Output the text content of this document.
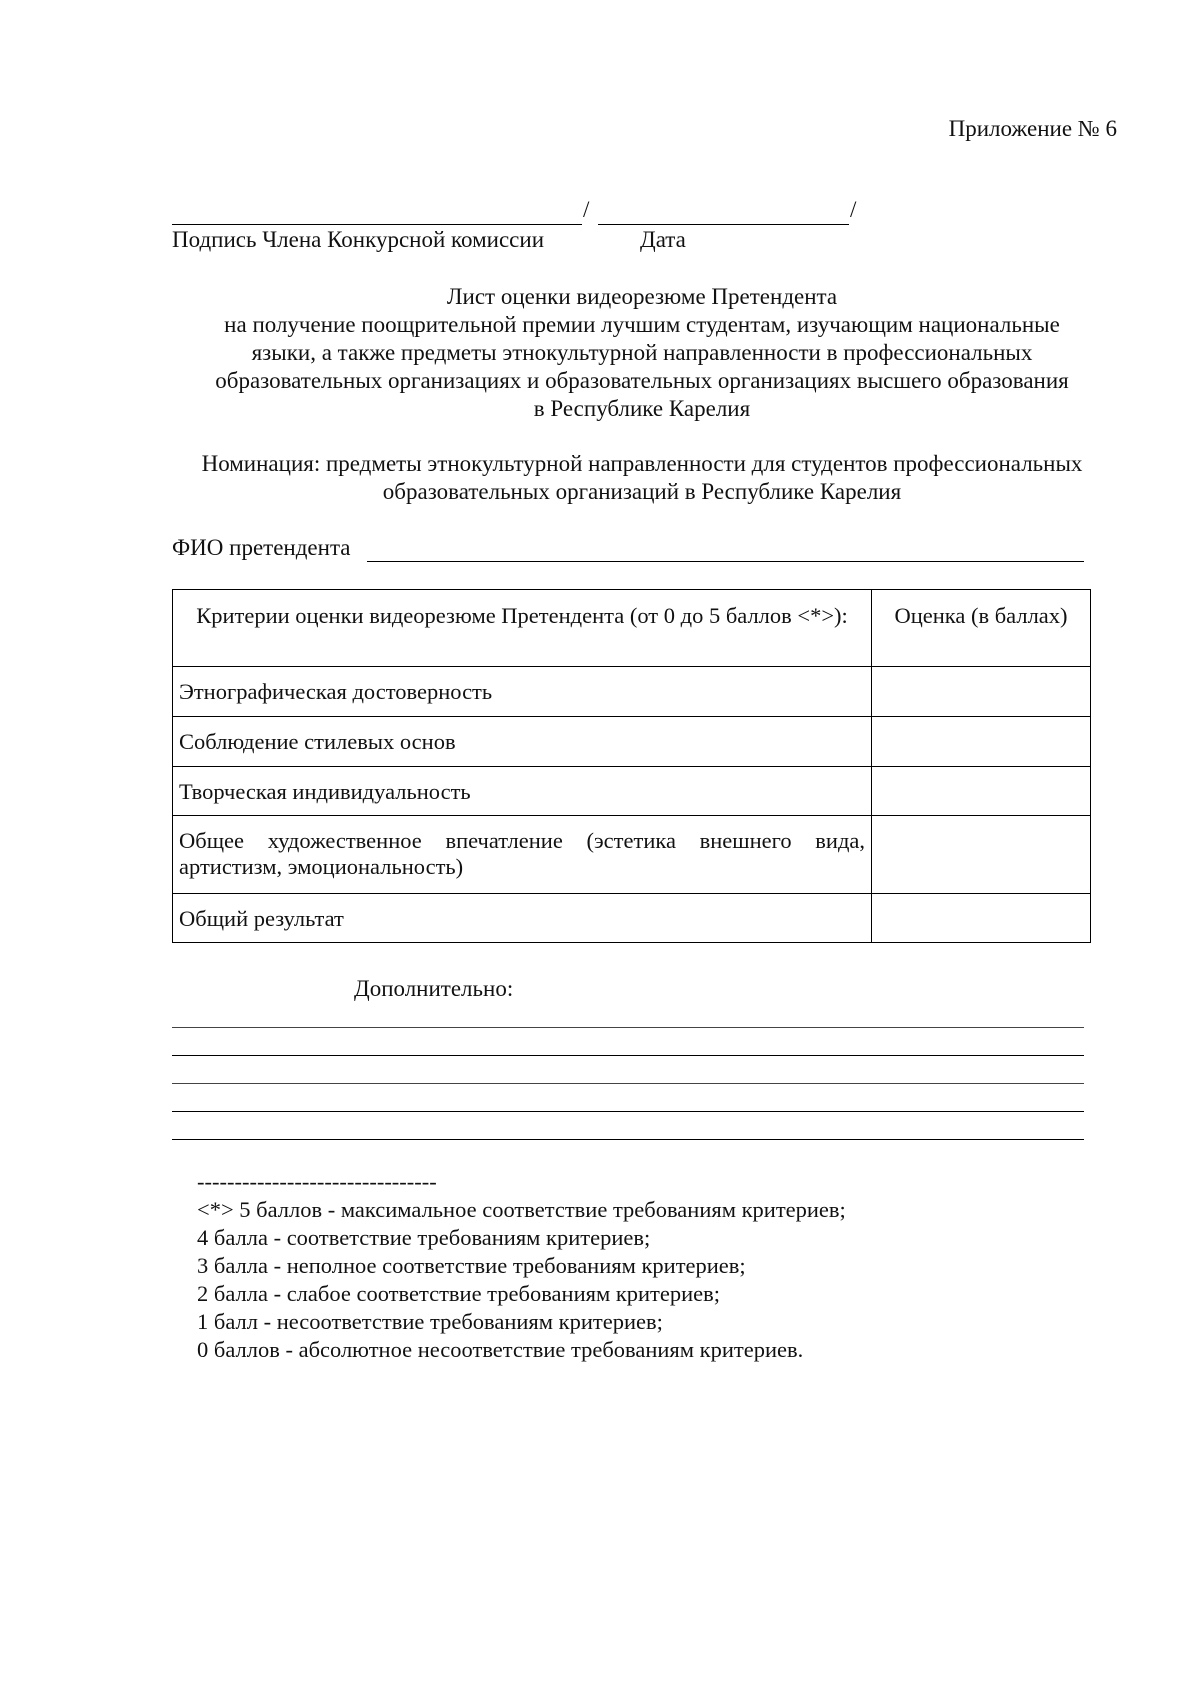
Приложение № 6
/	/
Подпись Члена Конкурсной комиссии	Дата
Лист оценки видеорезюме Претендента
на получение поощрительной премии лучшим студентам, изучающим национальные
языки, а также предметы этнокультурной направленности в профессиональных
образовательных организациях и образовательных организациях высшего образования
в Республике Карелия
Номинация: предметы этнокультурной направленности для студентов профессиональных
образовательных организаций в Республике Карелия
ФИО претендента
Критерии оценки видеорезюме Претендента (от 0 до 5 баллов <*>):	Оценка (в баллах)
Этнографическая достоверность	
Соблюдение стилевых основ	
Творческая индивидуальность	
Общее художественное впечатление (эстетика внешнего вида, артистизм, эмоциональность)	
Общий результат	
Дополнительно:
--------------------------------
<*> 5 баллов - максимальное соответствие требованиям критериев;
4 балла - соответствие требованиям критериев;
3 балла - неполное соответствие требованиям критериев;
2 балла - слабое соответствие требованиям критериев;
1 балл - несоответствие требованиям критериев;
0 баллов - абсолютное несоответствие требованиям критериев.
